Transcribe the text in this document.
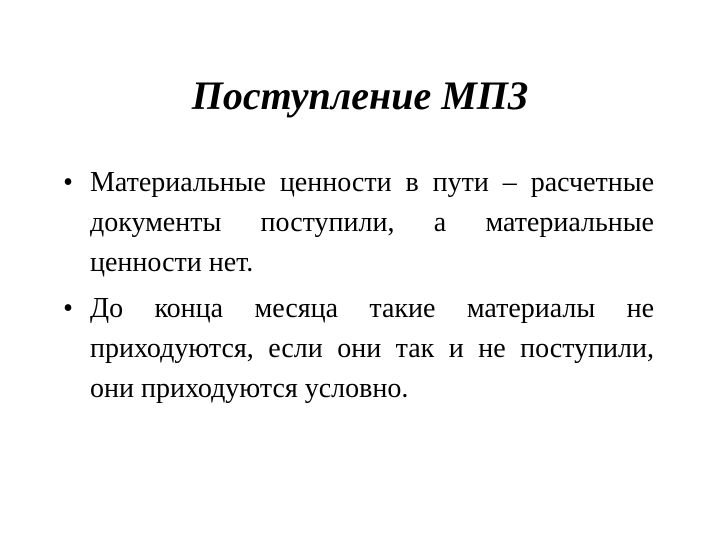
Поступление МПЗ
• Материальные ценности в пути – расчетные документы поступили, а материальные ценности нет.
• До конца месяца такие материалы не приходуются, если они так и не поступили, они приходуются условно.
